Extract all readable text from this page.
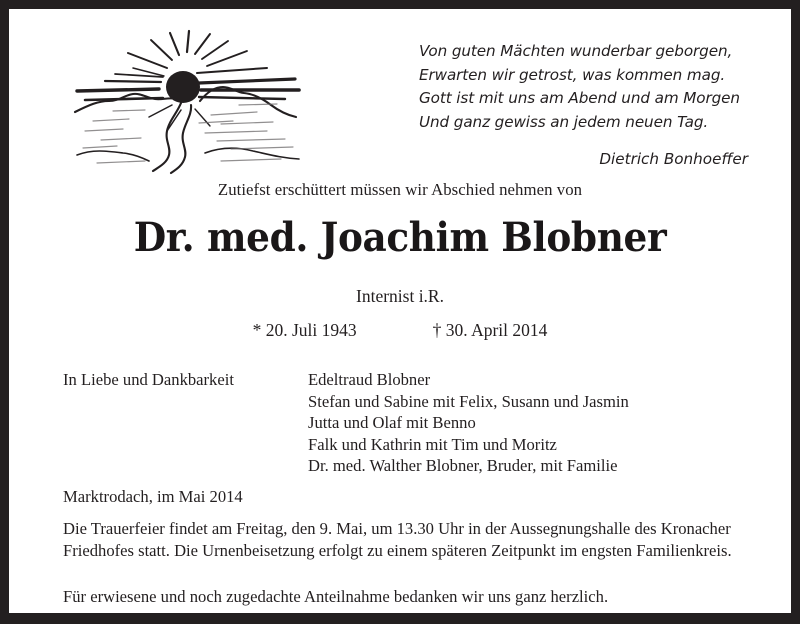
Von guten Mächten wunderbar geborgen,
Erwarten wir getrost, was kommen mag.
Gott ist mit uns am Abend und am Morgen
Und ganz gewiss an jedem neuen Tag.
Dietrich Bonhoeffer
Zutiefst erschüttert müssen wir Abschied nehmen von
Dr. med. Joachim Blobner
Internist i.R.
* 20. Juli 1943	† 30. April 2014
In Liebe und Dankbarkeit	Edeltraud Blobner
Stefan und Sabine mit Felix, Susann und Jasmin
Jutta und Olaf mit Benno
Falk und Kathrin mit Tim und Moritz
Dr. med. Walther Blobner, Bruder, mit Familie
Marktrodach, im Mai 2014
Die Trauerfeier findet am Freitag, den 9. Mai, um 13.30 Uhr in der Aussegnungshalle des Kronacher Friedhofes statt. Die Urnenbeisetzung erfolgt zu einem späteren Zeitpunkt im engsten Familienkreis.
Für erwiesene und noch zugedachte Anteilnahme bedanken wir uns ganz herzlich.
